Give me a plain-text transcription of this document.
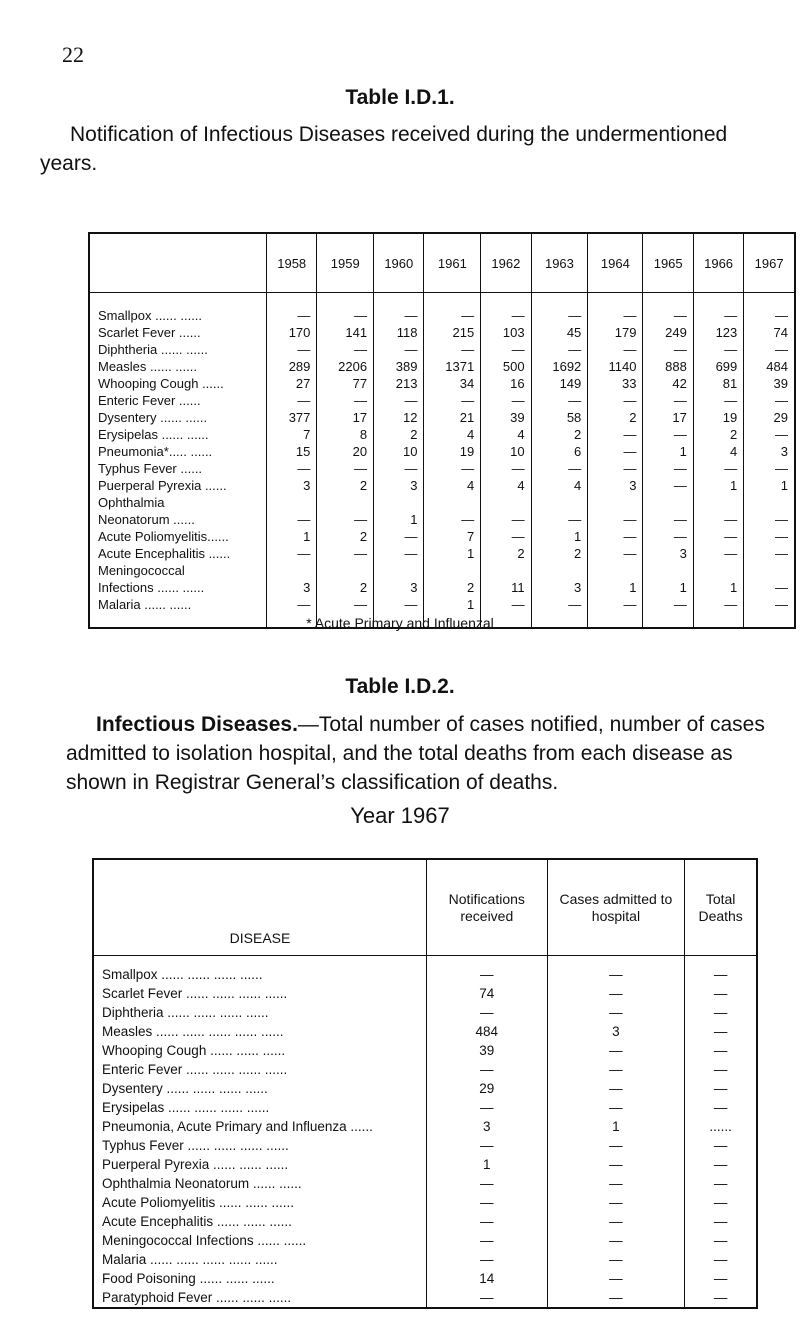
22
Table I.D.1.
Notification of Infectious Diseases received during the undermentioned years.
	1958	1959	1960	1961	1962	1963	1964	1965	1966	1967
Smallpox ...... ......	—	—	—	—	—	—	—	—	—	—
Scarlet Fever ......	170	141	118	215	103	45	179	249	123	74
Diphtheria ...... ......	—	—	—	—	—	—	—	—	—	—
Measles ...... ......	289	2206	389	1371	500	1692	1140	888	699	484
Whooping Cough ......	27	77	213	34	16	149	33	42	81	39
Enteric Fever ......	—	—	—	—	—	—	—	—	—	—
Dysentery ...... ......	377	17	12	21	39	58	2	17	19	29
Erysipelas ...... ......	7	8	2	4	4	2	—	—	2	—
Pneumonia*..... ......	15	20	10	19	10	6	—	1	4	3
Typhus Fever ......	—	—	—	—	—	—	—	—	—	—
Puerperal Pyrexia ......	3	2	3	4	4	4	3	—	1	1
Ophthalmia										
Neonatorum ......	—	—	1	—	—	—	—	—	—	—
Acute Poliomyelitis......	1	2	—	7	—	1	—	—	—	—
Acute Encephalitis ......	—	—	—	1	2	2	—	3	—	—
Meningococcal										
Infections ...... ......	3	2	3	2	11	3	1	1	1	—
Malaria ...... ......	—	—	—	1	—	—	—	—	—	—
* Acute Primary and Influenzal
Table I.D.2.
Infectious Diseases.—Total number of cases notified, number of cases admitted to isolation hospital, and the total deaths from each disease as shown in Registrar General’s classification of deaths.
Year 1967
DISEASE	Notifications received	Cases admitted to hospital	Total Deaths
Smallpox ...... ...... ...... ......	—	—	—
Scarlet Fever ...... ...... ...... ......	74	—	—
Diphtheria ...... ...... ...... ......	—	—	—
Measles ...... ...... ...... ...... ......	484	3	—
Whooping Cough ...... ...... ......	39	—	—
Enteric Fever ...... ...... ...... ......	—	—	—
Dysentery ...... ...... ...... ......	29	—	—
Erysipelas ...... ...... ...... ......	—	—	—
Pneumonia, Acute Primary and Influenza ......	3	1	......
Typhus Fever ...... ...... ...... ......	—	—	—
Puerperal Pyrexia ...... ...... ......	1	—	—
Ophthalmia Neonatorum ...... ......	—	—	—
Acute Poliomyelitis ...... ...... ......	—	—	—
Acute Encephalitis ...... ...... ......	—	—	—
Meningococcal Infections ...... ......	—	—	—
Malaria ...... ...... ...... ...... ......	—	—	—
Food Poisoning ...... ...... ......	14	—	—
Paratyphoid Fever ...... ...... ......	—	—	—
